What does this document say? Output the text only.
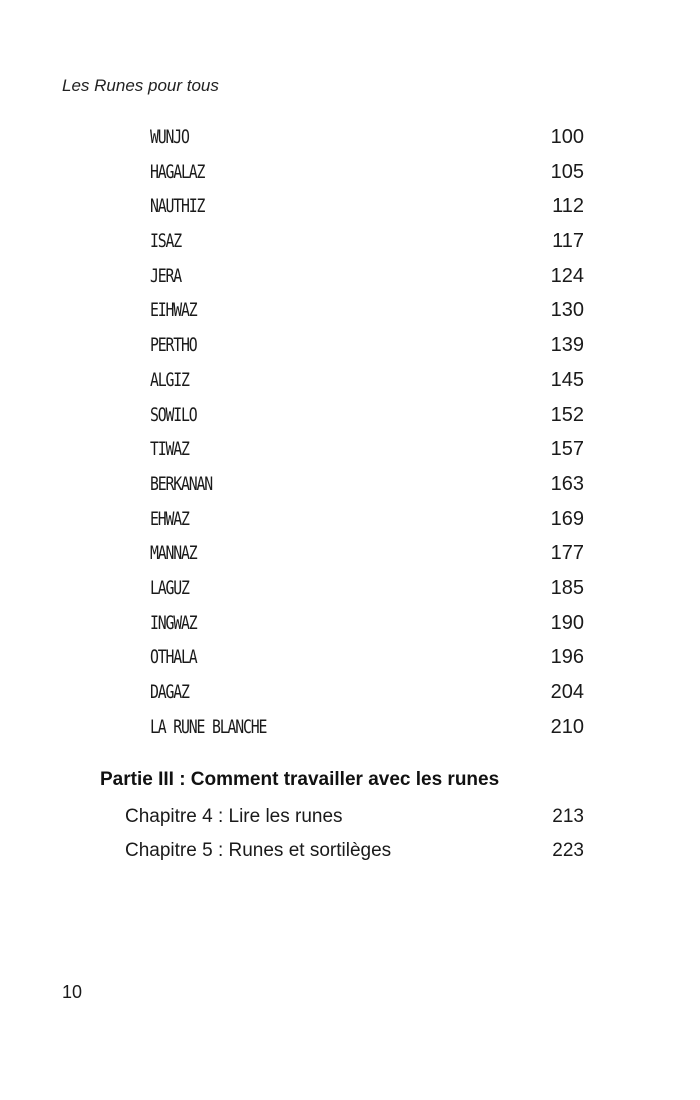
Les Runes pour tous

WUNJO	100
HAGALAZ	105
NAUTHIZ	112
ISAZ	117
JERA	124
EIHWAZ	130
PERTHO	139
ALGIZ	145
SOWILO	152
TIWAZ	157
BERKANAN	163
EHWAZ	169
MANNAZ	177
LAGUZ	185
INGWAZ	190
OTHALA	196
DAGAZ	204
LA RUNE BLANCHE	210
Partie III : Comment travailler avec les runes
Chapitre 4 : Lire les runes	213
Chapitre 5 : Runes et sortilèges	223

10
